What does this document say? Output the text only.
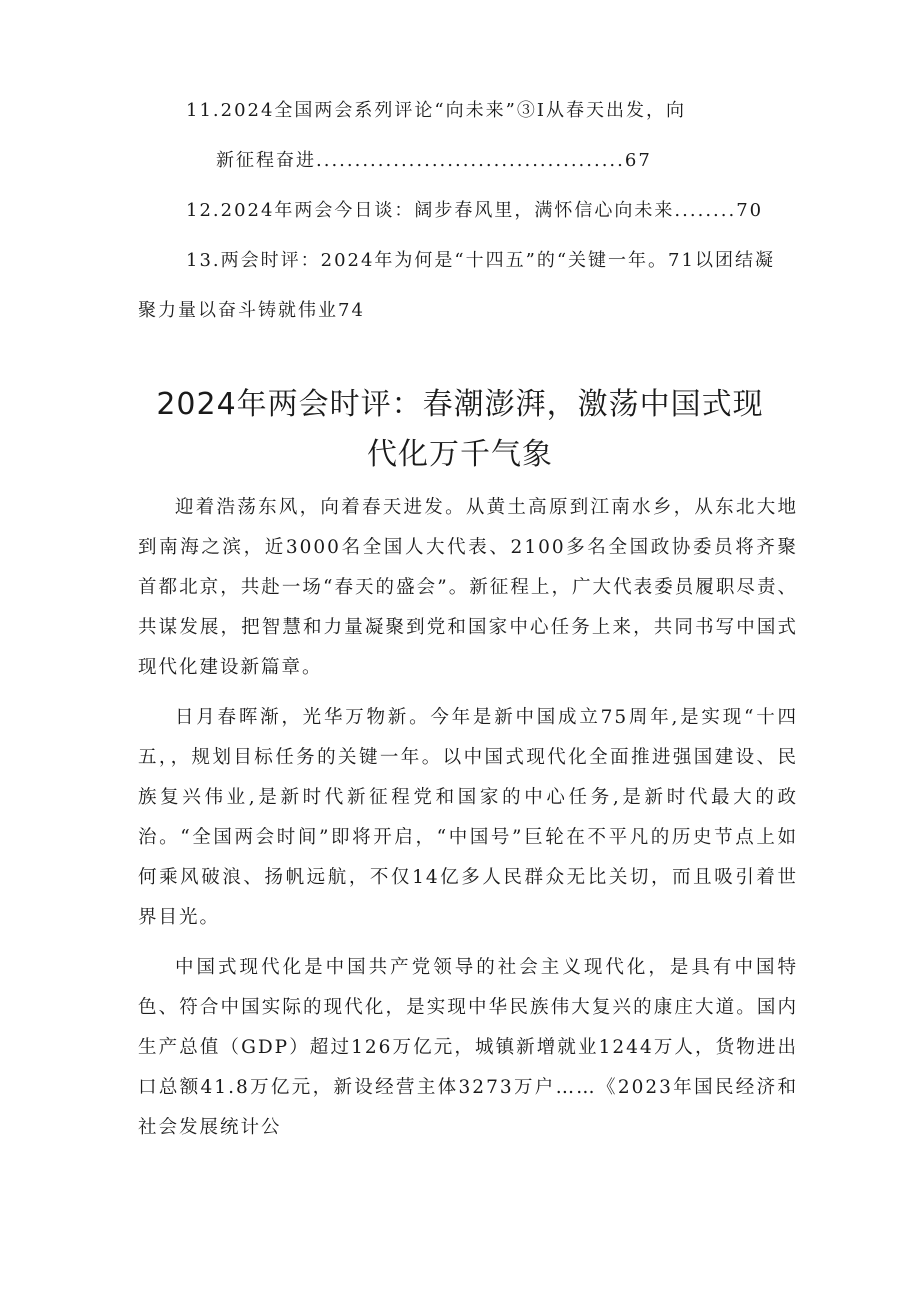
11.2024全国两会系列评论“向未来”③I从春天出发，向
新征程奋进........................................67
12.2024年两会今日谈：阔步春风里，满怀信心向未来........70
13.两会时评：2024年为何是“十四五”的“关键一年。71以团结凝
聚力量以奋斗铸就伟业74
2024年两会时评：春潮澎湃，激荡中国式现
代化万千气象

迎着浩荡东风，向着春天进发。从黄土高原到江南水乡，从东北大地到南海之滨，近3000名全国人大代表、2100多名全国政协委员将齐聚首都北京，共赴一场“春天的盛会”。新征程上，广大代表委员履职尽责、共谋发展，把智慧和力量凝聚到党和国家中心任务上来，共同书写中国式现代化建设新篇章。

日月春晖渐，光华万物新。今年是新中国成立75周年,是实现“十四五，，规划目标任务的关键一年。以中国式现代化全面推进强国建设、民族复兴伟业,是新时代新征程党和国家的中心任务,是新时代最大的政治。“全国两会时间”即将开启，“中国号”巨轮在不平凡的历史节点上如何乘风破浪、扬帆远航，不仅14亿多人民群众无比关切，而且吸引着世界目光。

中国式现代化是中国共产党领导的社会主义现代化，是具有中国特色、符合中国实际的现代化，是实现中华民族伟大复兴的康庄大道。国内生产总值（GDP）超过126万亿元，城镇新增就业1244万人，货物进出口总额41.8万亿元，新设经营主体3273万户……《2023年国民经济和社会发展统计公
